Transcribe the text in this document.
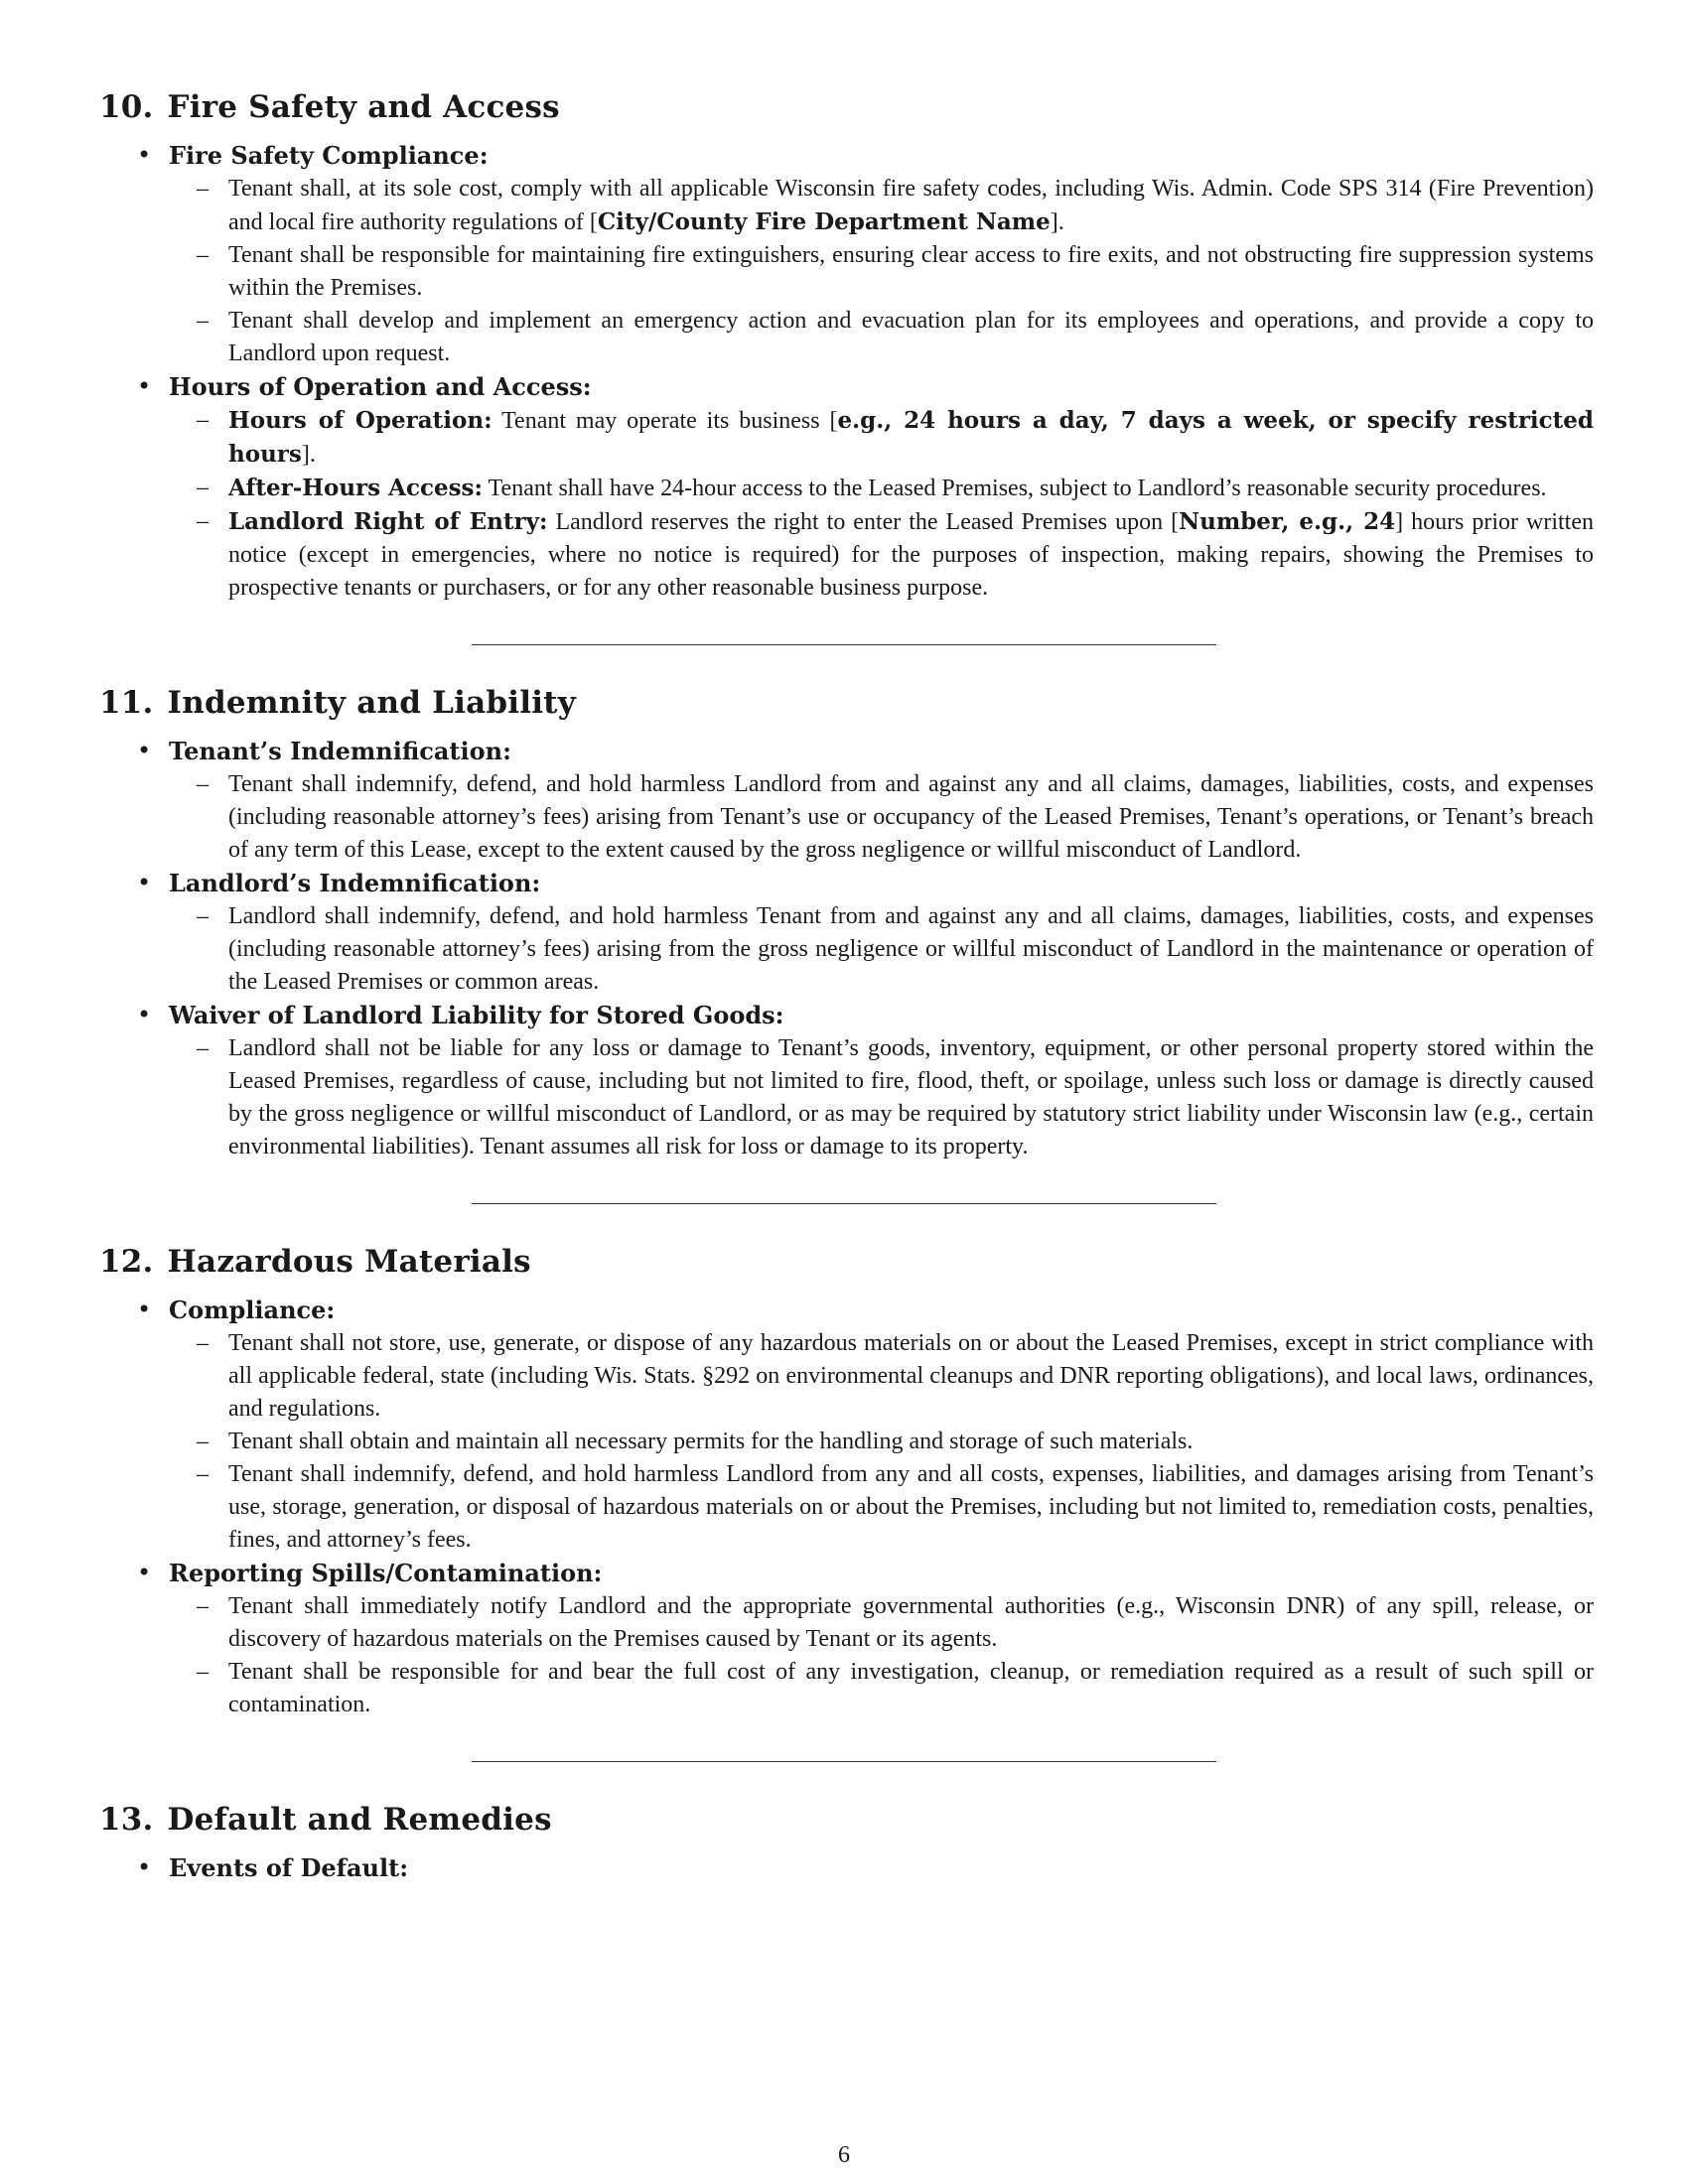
10. Fire Safety and Access
• Fire Safety Compliance:
– Tenant shall, at its sole cost, comply with all applicable Wisconsin fire safety codes, including Wis. Admin. Code SPS 314 (Fire Prevention) and local fire authority regulations of [City/County Fire Department Name].
– Tenant shall be responsible for maintaining fire extinguishers, ensuring clear access to fire exits, and not obstructing fire suppression systems within the Premises.
– Tenant shall develop and implement an emergency action and evacuation plan for its employees and operations, and provide a copy to Landlord upon request.
• Hours of Operation and Access:
– Hours of Operation: Tenant may operate its business [e.g., 24 hours a day, 7 days a week, or specify restricted hours].
– After-Hours Access: Tenant shall have 24-hour access to the Leased Premises, subject to Landlord’s reasonable security procedures.
– Landlord Right of Entry: Landlord reserves the right to enter the Leased Premises upon [Number, e.g., 24] hours prior written notice (except in emergencies, where no notice is required) for the purposes of inspection, making repairs, showing the Premises to prospective tenants or purchasers, or for any other reasonable business purpose.
11. Indemnity and Liability
• Tenant’s Indemnification:
– Tenant shall indemnify, defend, and hold harmless Landlord from and against any and all claims, damages, liabilities, costs, and expenses (including reasonable attorney’s fees) arising from Tenant’s use or occupancy of the Leased Premises, Tenant’s operations, or Tenant’s breach of any term of this Lease, except to the extent caused by the gross negligence or willful misconduct of Landlord.
• Landlord’s Indemnification:
– Landlord shall indemnify, defend, and hold harmless Tenant from and against any and all claims, damages, liabilities, costs, and expenses (including reasonable attorney’s fees) arising from the gross negligence or willful misconduct of Landlord in the maintenance or operation of the Leased Premises or common areas.
• Waiver of Landlord Liability for Stored Goods:
– Landlord shall not be liable for any loss or damage to Tenant’s goods, inventory, equipment, or other personal property stored within the Leased Premises, regardless of cause, including but not limited to fire, flood, theft, or spoilage, unless such loss or damage is directly caused by the gross negligence or willful misconduct of Landlord, or as may be required by statutory strict liability under Wisconsin law (e.g., certain environmental liabilities). Tenant assumes all risk for loss or damage to its property.
12. Hazardous Materials
• Compliance:
– Tenant shall not store, use, generate, or dispose of any hazardous materials on or about the Leased Premises, except in strict compliance with all applicable federal, state (including Wis. Stats. §292 on environmental cleanups and DNR reporting obligations), and local laws, ordinances, and regulations.
– Tenant shall obtain and maintain all necessary permits for the handling and storage of such materials.
– Tenant shall indemnify, defend, and hold harmless Landlord from any and all costs, expenses, liabilities, and damages arising from Tenant’s use, storage, generation, or disposal of hazardous materials on or about the Premises, including but not limited to, remediation costs, penalties, fines, and attorney’s fees.
• Reporting Spills/Contamination:
– Tenant shall immediately notify Landlord and the appropriate governmental authorities (e.g., Wisconsin DNR) of any spill, release, or discovery of hazardous materials on the Premises caused by Tenant or its agents.
– Tenant shall be responsible for and bear the full cost of any investigation, cleanup, or remediation required as a result of such spill or contamination.
13. Default and Remedies
• Events of Default:
6
